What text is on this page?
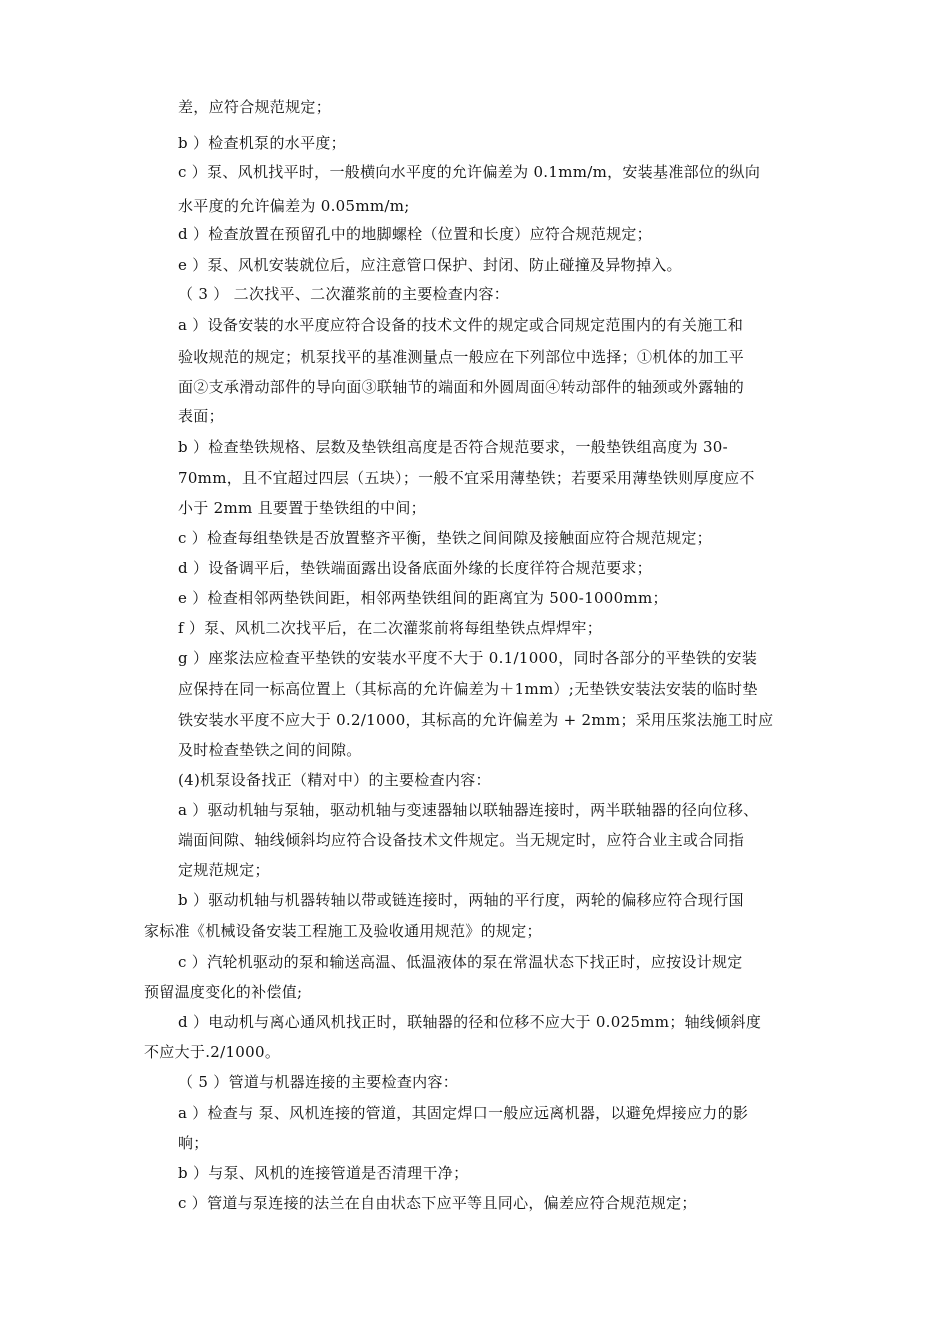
差，应符合规范规定；
b ）检查机泵的水平度；
c ）泵、风机找平时，一般横向水平度的允许偏差为 0.1mm/m，安装基准部位的纵向
水平度的允许偏差为 0.05mm/m;
d ）检查放置在预留孔中的地脚螺栓（位置和长度）应符合规范规定；
e ）泵、风机安装就位后，应注意管口保护、封闭、防止碰撞及异物掉入。
（ 3 ） 二次找平、二次灌浆前的主要检查内容：
a ）设备安装的水平度应符合设备的技术文件的规定或合同规定范围内的有关施工和
验收规范的规定；机泵找平的基准测量点一般应在下列部位中选择；①机体的加工平
面②支承滑动部件的导向面③联轴节的端面和外圆周面④转动部件的轴颈或外露轴的
表面；
b ）检查垫铁规格、层数及垫铁组高度是否符合规范要求，一般垫铁组高度为 30-
70mm，且不宜超过四层（五块）；一般不宜采用薄垫铁；若要采用薄垫铁则厚度应不
小于 2mm 且要置于垫铁组的中间；
c ）检查每组垫铁是否放置整齐平衡，垫铁之间间隙及接触面应符合规范规定；
d ）设备调平后，垫铁端面露出设备底面外缘的长度徉符合规范要求；
e ）检查相邻两垫铁间距，相邻两垫铁组间的距离宜为 500-1000mm；
f ）泵、风机二次找平后，在二次灌浆前将每组垫铁点焊焊牢；
g ）座浆法应检查平垫铁的安装水平度不大于 0.1/1000，同时各部分的平垫铁的安装
应保持在同一标高位置上（其标高的允许偏差为＋1mm）;无垫铁安装法安装的临时垫
铁安装水平度不应大于 0.2/1000，其标高的允许偏差为 + 2mm；采用压浆法施工时应
及时检查垫铁之间的间隙。
(4)机泵设备找正（精对中）的主要检查内容：
a ）驱动机轴与泵轴，驱动机轴与变速器轴以联轴器连接时，两半联轴器的径向位移、
端面间隙、轴线倾斜均应符合设备技术文件规定。当无规定时，应符合业主或合同指
定规范规定；
b ）驱动机轴与机器转轴以带或链连接时，两轴的平行度，两轮的偏移应符合现行国
家标准《机械设备安装工程施工及验收通用规范》的规定；
c ）汽轮机驱动的泵和输送高温、低温液体的泵在常温状态下找正时，应按设计规定
预留温度变化的补偿值;
d ）电动机与离心通风机找正时，联轴器的径和位移不应大于 0.025mm；轴线倾斜度
不应大于.2/1000。
（ 5 ）管道与机器连接的主要检查内容：
a ）检查与 泵、风机连接的管道，其固定焊口一般应远离机器，以避免焊接应力的影
响；
b ）与泵、风机的连接管道是否清理干净；
c ）管道与泵连接的法兰在自由状态下应平等且同心，偏差应符合规范规定；
